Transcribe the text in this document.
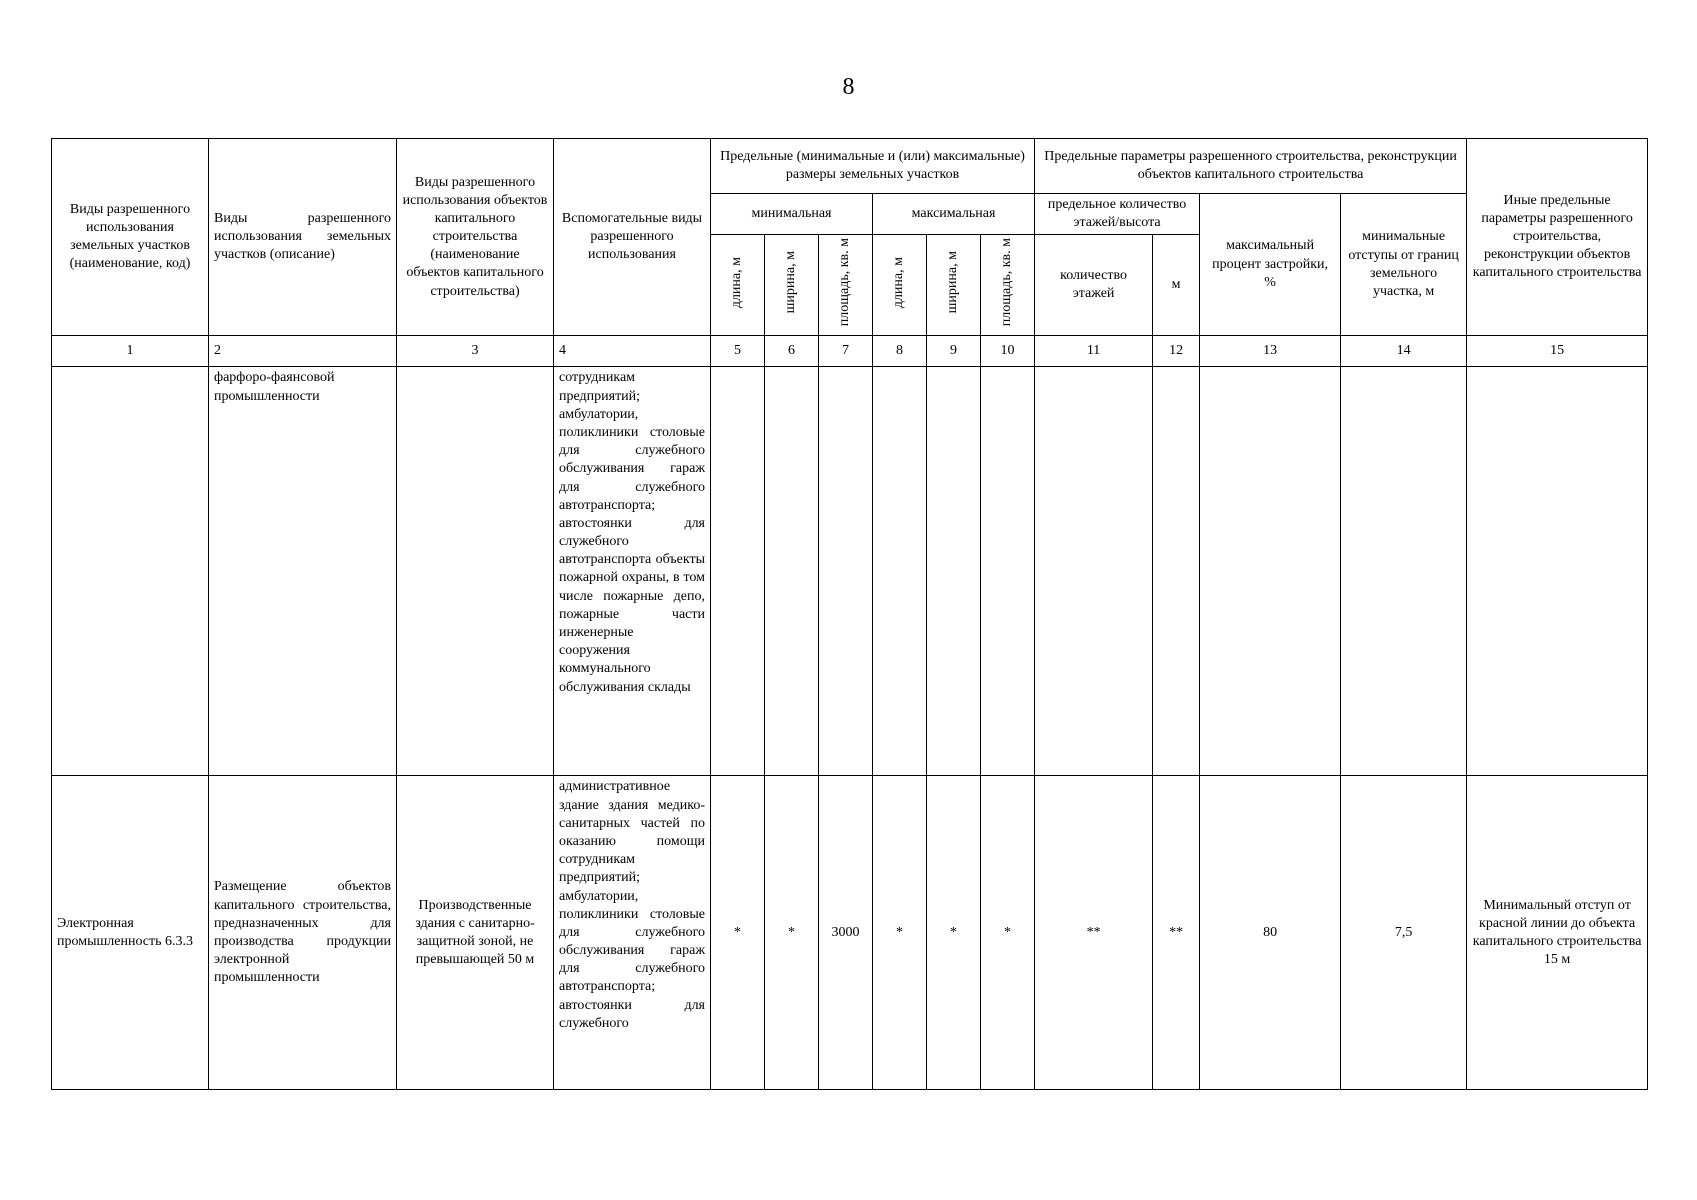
8
Виды разрешенного использования земельных участков (наименование, код)	Виды разрешенного использования земельных участков (описание)	Виды разрешенного использования объектов капитального строительства (наименование объектов капитального строительства)	Вспомогательные виды разрешенного использования	Предельные (минимальные и (или) максимальные) размеры земельных участков						Предельные параметры разрешенного строительства, реконструкции объектов капитального строительства				Иные предельные параметры разрешенного строительства, реконструкции объектов капитального строительства
				минимальная			максимальная			предельное количество этажей/высота		максимальный процент застройки, %	минимальные отступы от границ земельного участка, м	
				длина, м	ширина, м	площадь, кв. м	длина, м	ширина, м	площадь, кв. м	количество этажей	м			
1	2	3	4	5	6	7	8	9	10	11	12	13	14	15
	фарфоро-фаянсовой промышленности		сотрудникам предприятий; амбулатории, поликлиники столовые для служебного обслуживания гараж для служебного автотранспорта; автостоянки для служебного автотранспорта объекты пожарной охраны, в том числе пожарные депо, пожарные части инженерные сооружения коммунального обслуживания склады											
Электронная промышленность 6.3.3	Размещение объектов капитального строительства, предназначенных для производства продукции электронной промышленности	Производственные здания с санитарно-защитной зоной, не превышающей 50 м	административное здание здания медико-санитарных частей по оказанию помощи сотрудникам предприятий; амбулатории, поликлиники столовые для служебного обслуживания гараж для служебного автотранспорта; автостоянки для служебного	*	*	3000	*	*	*	**	**	80	7,5	Минимальный отступ от красной линии до объекта капитального строительства 15 м
